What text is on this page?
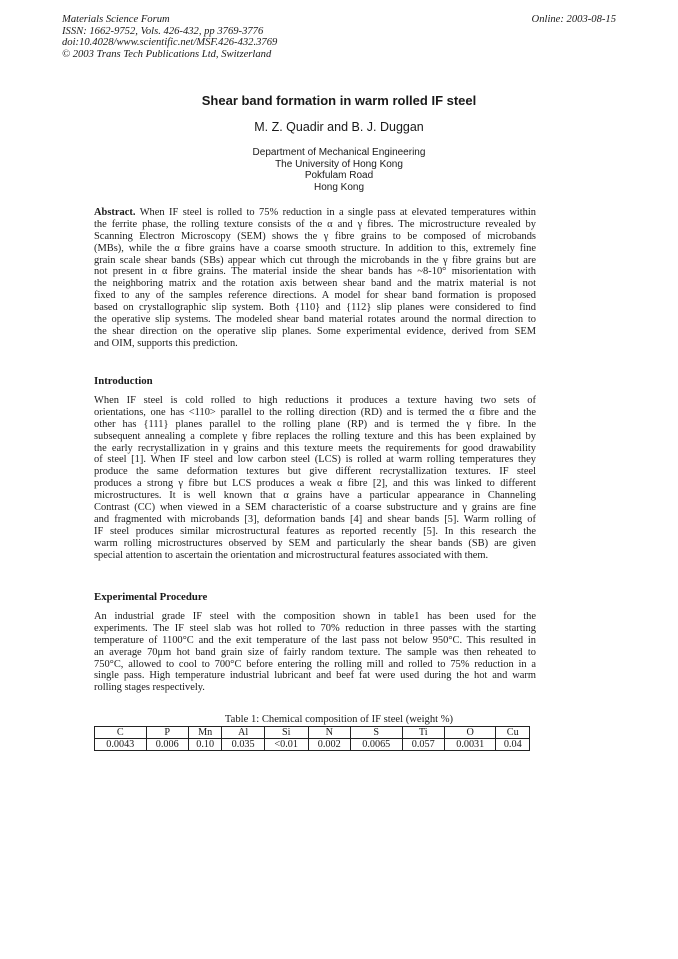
Materials Science Forum
ISSN: 1662-9752, Vols. 426-432, pp 3769-3776
doi:10.4028/www.scientific.net/MSF.426-432.3769
© 2003 Trans Tech Publications Ltd, Switzerland
Online: 2003-08-15
Shear band formation in warm rolled IF steel
M. Z. Quadir and B. J. Duggan
Department of Mechanical Engineering
The University of Hong Kong
Pokfulam Road
Hong Kong
Abstract. When IF steel is rolled to 75% reduction in a single pass at elevated temperatures within
the ferrite phase, the rolling texture consists of the α and γ fibres. The microstructure revealed by
Scanning Electron Microscopy (SEM) shows the γ fibre grains to be composed of microbands
(MBs), while the α fibre grains have a coarse smooth structure. In addition to this, extremely fine
grain scale shear bands (SBs) appear which cut through the microbands in the γ fibre grains but are
not present in α fibre grains. The material inside the shear bands has ~8-10° misorientation with
the neighboring matrix and the rotation axis between shear band and the matrix material is not
fixed to any of the samples reference directions. A model for shear band formation is proposed
based on crystallographic slip system. Both {110} and {112} slip planes were considered to find
the operative slip systems. The modeled shear band material rotates around the normal direction to
the shear direction on the operative slip planes. Some experimental evidence, derived from SEM
and OIM, supports this prediction.
Introduction
When IF steel is cold rolled to high reductions it produces a texture having two sets of
orientations, one has <110> parallel to the rolling direction (RD) and is termed the α fibre and the
other has {111} planes parallel to the rolling plane (RP) and is termed the γ fibre. In the
subsequent annealing a complete γ fibre replaces the rolling texture and this has been explained by
the early recrystallization in γ grains and this texture meets the requirements for good drawability
of steel [1]. When IF steel and low carbon steel (LCS) is rolled at warm rolling temperatures they
produce the same deformation textures but give different recrystallization textures. IF steel
produces a strong γ fibre but LCS produces a weak α fibre [2], and this was linked to different
microstructures. It is well known that α grains have a particular appearance in Channeling
Contrast (CC) when viewed in a SEM characteristic of a coarse substructure and γ grains are fine
and fragmented with microbands [3], deformation bands [4] and shear bands [5]. Warm rolling of
IF steel produces similar microstructural features as reported recently [5]. In this research the
warm rolling microstructures observed by SEM and particularly the shear bands (SB) are given
special attention to ascertain the orientation and microstructural features associated with them.
Experimental Procedure
An industrial grade IF steel with the composition shown in table1 has been used for the
experiments. The IF steel slab was hot rolled to 70% reduction in three passes with the starting
temperature of 1100°C and the exit temperature of the last pass not below 950°C. This resulted in
an average 70μm hot band grain size of fairly random texture. The sample was then reheated to
750°C, allowed to cool to 700°C before entering the rolling mill and rolled to 75% reduction in a
single pass. High temperature industrial lubricant and beef fat were used during the hot and warm
rolling stages respectively.
Table 1: Chemical composition of IF steel (weight %)
C	P	Mn	Al	Si	N	S	Ti	O	Cu
0.0043	0.006	0.10	0.035	<0.01	0.002	0.0065	0.057	0.0031	0.04
